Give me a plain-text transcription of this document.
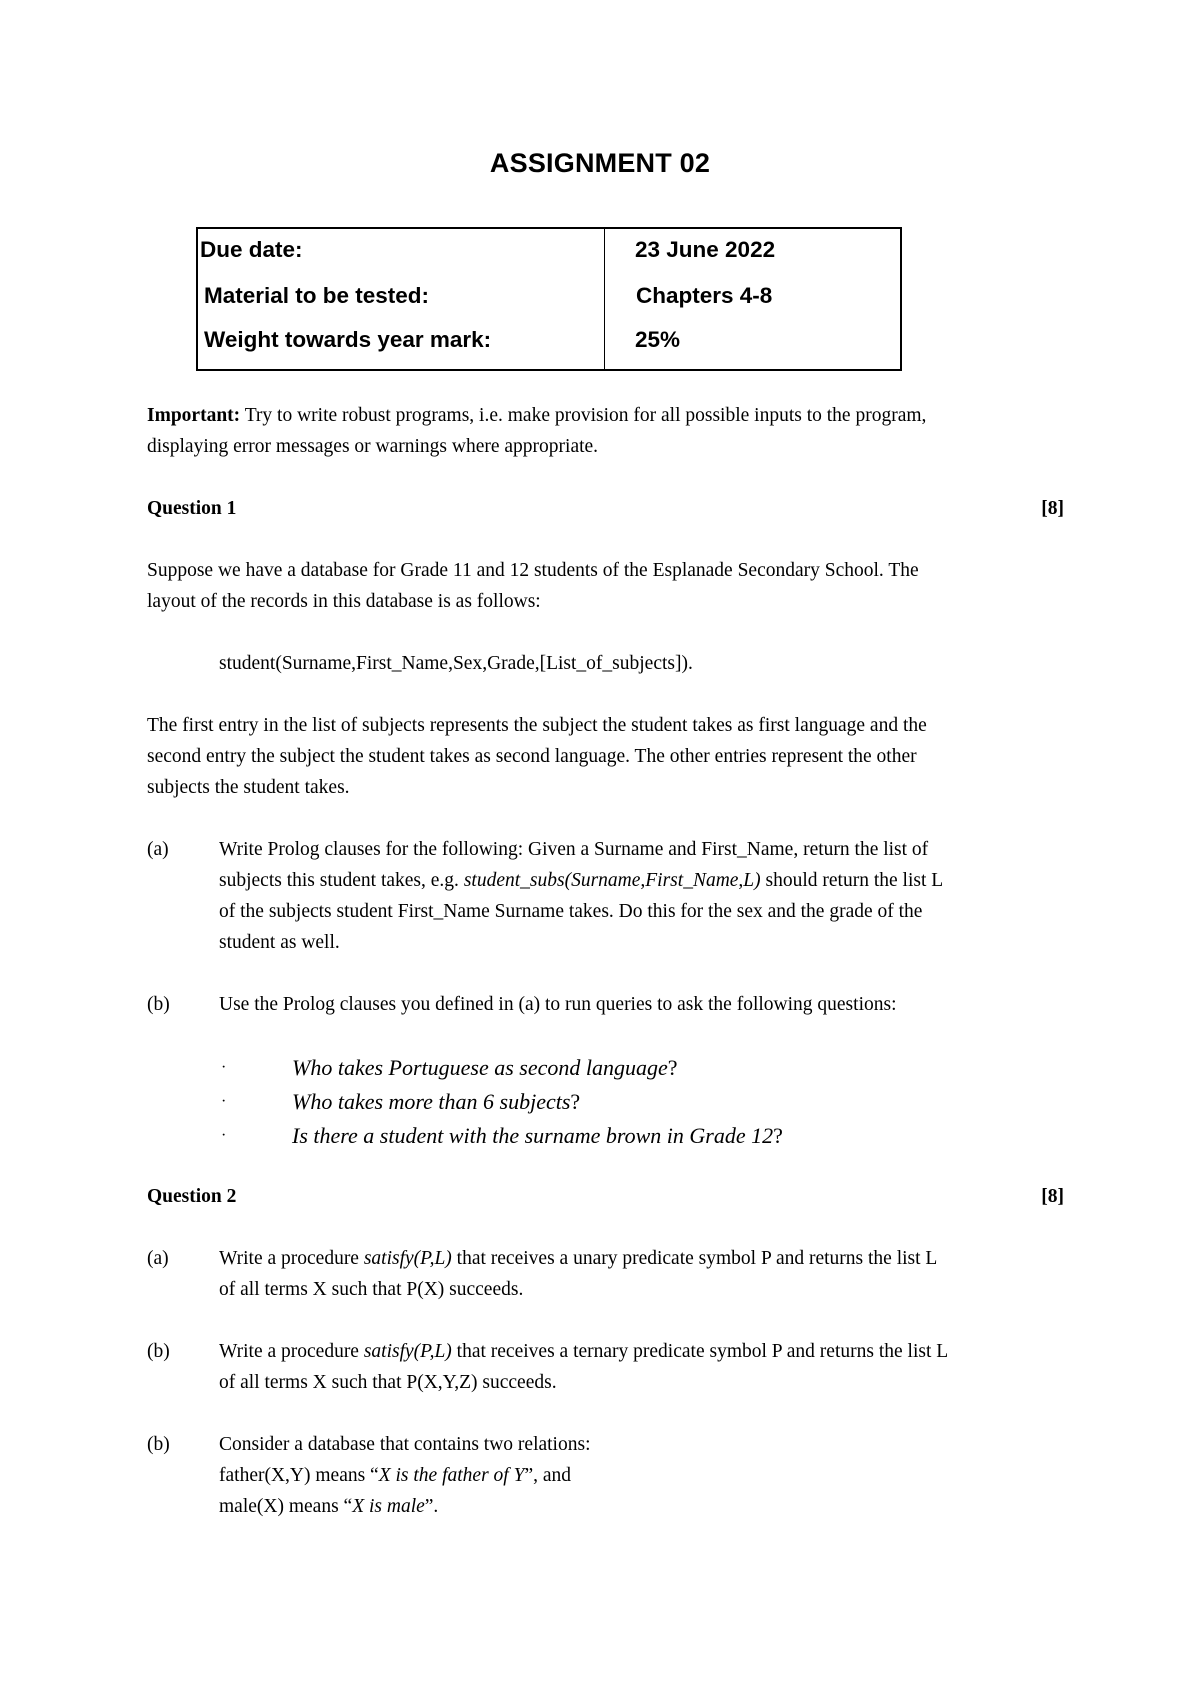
ASSIGNMENT 02
Due date:	23 June 2022
Material to be tested:	Chapters 4-8
Weight towards year mark:	25%
Important: Try to write robust programs, i.e. make provision for all possible inputs to the program,
displaying error messages or warnings where appropriate.
Question 1	[8]
Suppose we have a database for Grade 11 and 12 students of the Esplanade Secondary School. The
layout of the records in this database is as follows:
student(Surname,First_Name,Sex,Grade,[List_of_subjects]).
The first entry in the list of subjects represents the subject the student takes as first language and the
second entry the subject the student takes as second language. The other entries represent the other
subjects the student takes.
(a)	Write Prolog clauses for the following: Given a Surname and First_Name, return the list of
subjects this student takes, e.g. student_subs(Surname,First_Name,L) should return the list L
of the subjects student First_Name Surname takes. Do this for the sex and the grade of the
student as well.
(b)	Use the Prolog clauses you defined in (a) to run queries to ask the following questions:
·	Who takes Portuguese as second language?
·	Who takes more than 6 subjects?
·	Is there a student with the surname brown in Grade 12?
Question 2	[8]
(a)	Write a procedure satisfy(P,L) that receives a unary predicate symbol P and returns the list L
of all terms X such that P(X) succeeds.
(b)	Write a procedure satisfy(P,L) that receives a ternary predicate symbol P and returns the list L
of all terms X such that P(X,Y,Z) succeeds.
(b)	Consider a database that contains two relations:
father(X,Y) means “X is the father of Y”, and
male(X) means “X is male”.
